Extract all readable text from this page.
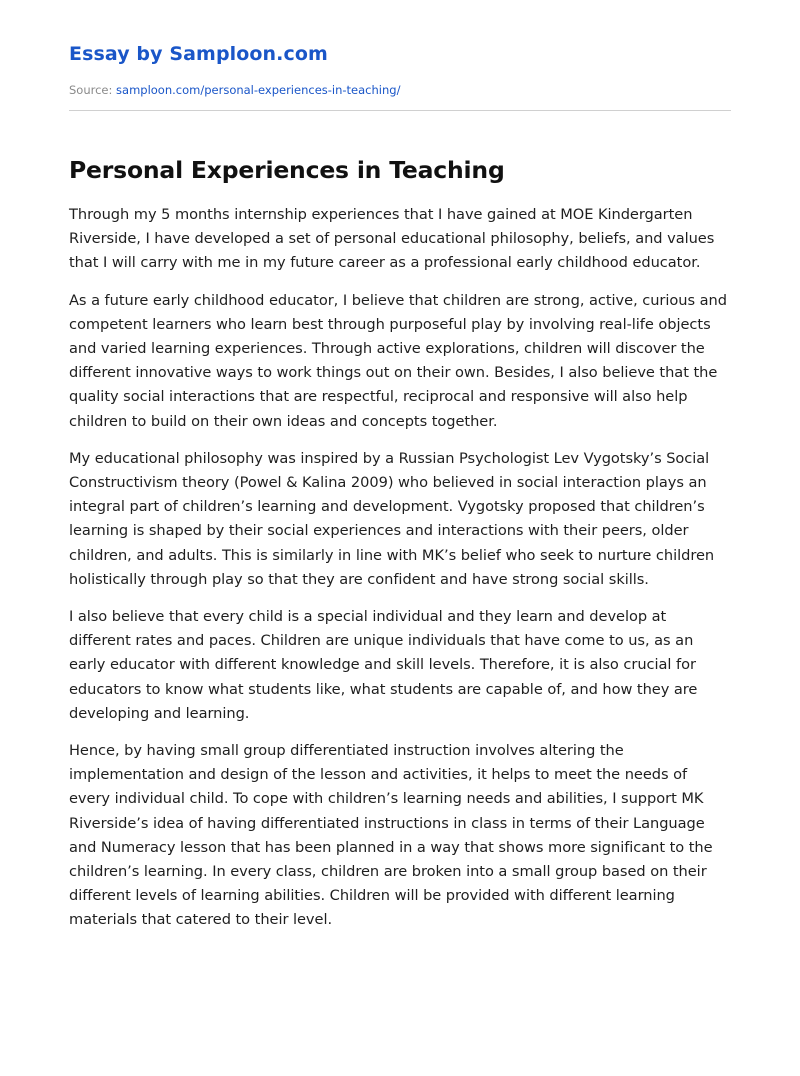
Essay by Samploon.com
Source: samploon.com/personal-experiences-in-teaching/
Personal Experiences in Teaching

Through my 5 months internship experiences that I have gained at MOE Kindergarten Riverside, I have developed a set of personal educational philosophy, beliefs, and values that I will carry with me in my future career as a professional early childhood educator.

As a future early childhood educator, I believe that children are strong, active, curious and competent learners who learn best through purposeful play by involving real-life objects and varied learning experiences. Through active explorations, children will discover the different innovative ways to work things out on their own. Besides, I also believe that the quality social interactions that are respectful, reciprocal and responsive will also help children to build on their own ideas and concepts together.

My educational philosophy was inspired by a Russian Psychologist Lev Vygotsky’s Social Constructivism theory (Powel & Kalina 2009) who believed in social interaction plays an integral part of children’s learning and development. Vygotsky proposed that children’s learning is shaped by their social experiences and interactions with their peers, older children, and adults. This is similarly in line with MK’s belief who seek to nurture children holistically through play so that they are confident and have strong social skills.

I also believe that every child is a special individual and they learn and develop at different rates and paces. Children are unique individuals that have come to us, as an early educator with different knowledge and skill levels. Therefore, it is also crucial for educators to know what students like, what students are capable of, and how they are developing and learning.

Hence, by having small group differentiated instruction involves altering the implementation and design of the lesson and activities, it helps to meet the needs of every individual child. To cope with children’s learning needs and abilities, I support MK Riverside’s idea of having differentiated instructions in class in terms of their Language and Numeracy lesson that has been planned in a way that shows more significant to the children’s learning. In every class, children are broken into a small group based on their different levels of learning abilities. Children will be provided with different learning materials that catered to their level.
